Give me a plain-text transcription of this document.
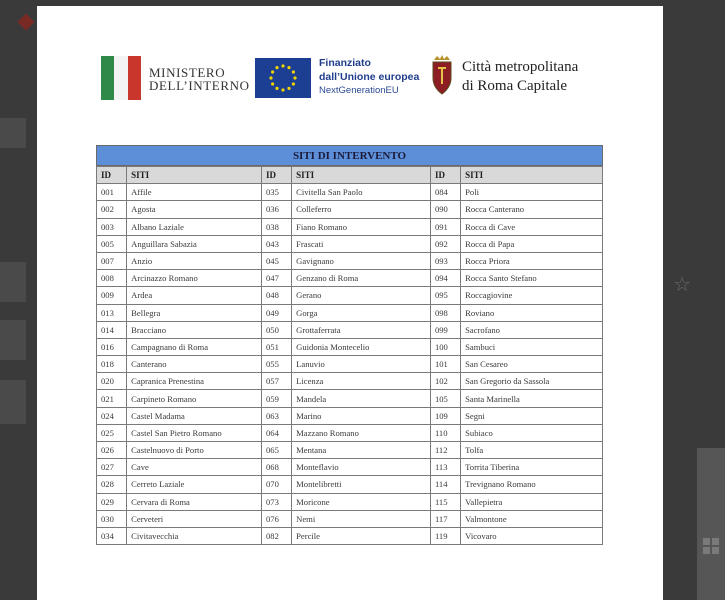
☆
MINISTERO
DELL’INTERNO
Finanziato
dall’Unione europea
NextGenerationEU
Città metropolitana
di Roma Capitale
SITI DI INTERVENTO
ID	SITI	ID	SITI	ID	SITI
001	Affile	035	Civitella San Paolo	084	Poli
002	Agosta	036	Colleferro	090	Rocca Canterano
003	Albano Laziale	038	Fiano Romano	091	Rocca di Cave
005	Anguillara Sabazia	043	Frascati	092	Rocca di Papa
007	Anzio	045	Gavignano	093	Rocca Priora
008	Arcinazzo Romano	047	Genzano di Roma	094	Rocca Santo Stefano
009	Ardea	048	Gerano	095	Roccagiovine
013	Bellegra	049	Gorga	098	Roviano
014	Bracciano	050	Grottaferrata	099	Sacrofano
016	Campagnano di Roma	051	Guidonia Montecelio	100	Sambuci
018	Canterano	055	Lanuvio	101	San Cesareo
020	Capranica Prenestina	057	Licenza	102	San Gregorio da Sassola
021	Carpineto Romano	059	Mandela	105	Santa Marinella
024	Castel Madama	063	Marino	109	Segni
025	Castel San Pietro Romano	064	Mazzano Romano	110	Subiaco
026	Castelnuovo di Porto	065	Mentana	112	Tolfa
027	Cave	068	Monteflavio	113	Torrita Tiberina
028	Cerreto Laziale	070	Montelibretti	114	Trevignano Romano
029	Cervara di Roma	073	Moricone	115	Vallepietra
030	Cerveteri	076	Nemi	117	Valmontone
034	Civitavecchia	082	Percile	119	Vicovaro
